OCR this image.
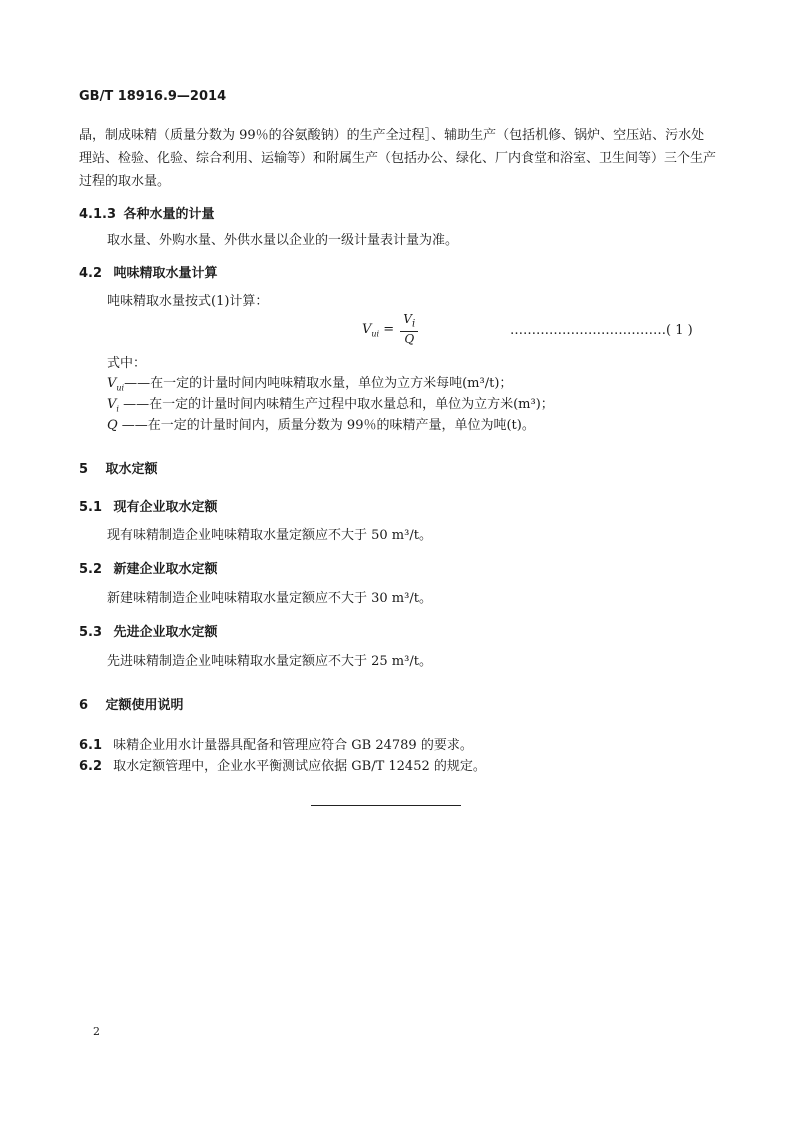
GB/T 18916.9—2014
晶，制成味精（质量分数为 99％的谷氨酸钠）的生产全过程］、辅助生产（包括机修、锅炉、空压站、污水处
理站、检验、化验、综合利用、运输等）和附属生产（包括办公、绿化、厂内食堂和浴室、卫生间等）三个生产
过程的取水量。
4.1.3 各种水量的计量
取水量、外购水量、外供水量以企业的一级计量表计量为准。
4.2 吨味精取水量计算
吨味精取水量按式(1)计算：
$V_{ui} = \frac{V_i}{Q}$	………………………………( 1 )
式中：
$V_{ui}——$在一定的计量时间内吨味精取水量，单位为立方米每吨(m³/t)；
$V_i$ ——在一定的计量时间内味精生产过程中取水量总和，单位为立方米(m³)；
Q ——在一定的计量时间内，质量分数为 99％的味精产量，单位为吨(t)。
5 取水定额
5.1 现有企业取水定额
现有味精制造企业吨味精取水量定额应不大于 50 m³/t。
5.2 新建企业取水定额
新建味精制造企业吨味精取水量定额应不大于 30 m³/t。
5.3 先进企业取水定额
先进味精制造企业吨味精取水量定额应不大于 25 m³/t。
6 定额使用说明
6.1 味精企业用水计量器具配备和管理应符合 GB 24789 的要求。
6.2 取水定额管理中，企业水平衡测试应依据 GB/T 12452 的规定。
2
